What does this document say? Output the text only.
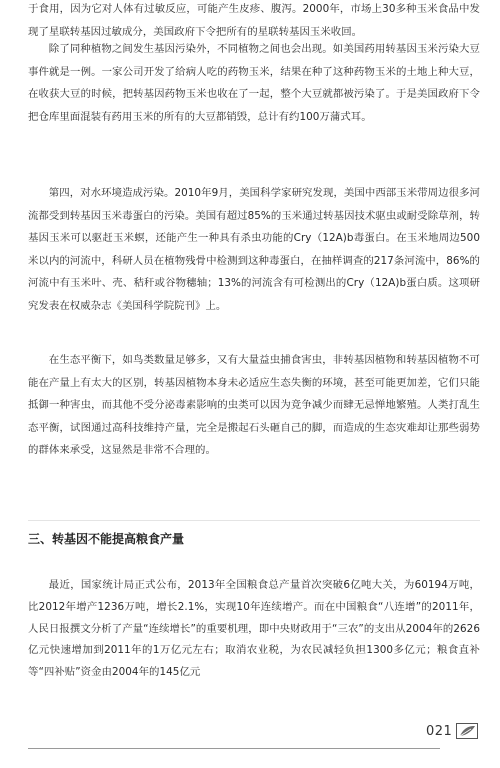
于食用，因为它对人体有过敏反应，可能产生皮疹、腹泻。2000年，市场上30多种玉米食品中发现了星联转基因过敏成分，美国政府下令把所有的星联转基因玉米收回。

除了同种植物之间发生基因污染外，不同植物之间也会出现。如美国药用转基因玉米污染大豆事件就是一例。一家公司开发了给病人吃的药物玉米，结果在种了这种药物玉米的土地上种大豆，在收获大豆的时候，把转基因药物玉米也收在了一起，整个大豆就都被污染了。于是美国政府下令把仓库里面混装有药用玉米的所有的大豆都销毁，总计有约100万蒲式耳。

第四，对水环境造成污染。2010年9月，美国科学家研究发现，美国中西部玉米带周边很多河流都受到转基因玉米毒蛋白的污染。美国有超过85%的玉米通过转基因技术驱虫或耐受除草剂，转基因玉米可以驱赶玉米螟，还能产生一种具有杀虫功能的Cry（12A)b毒蛋白。在玉米地周边500米以内的河流中，科研人员在植物残骨中检测到这种毒蛋白，在抽样调查的217条河流中，86%的河流中有玉米叶、壳、秸秆或谷物穗轴；13%的河流含有可检测出的Cry（12A)b蛋白质。这项研究发表在权威杂志《美国科学院院刊》上。

在生态平衡下，如鸟类数量足够多，又有大量益虫捕食害虫，非转基因植物和转基因植物不可能在产量上有太大的区别，转基因植物本身未必适应生态失衡的环境，甚至可能更加差，它们只能抵御一种害虫，而其他不受分泌毒素影响的虫类可以因为竞争减少而肆无忌惮地繁殖。人类打乱生态平衡，试图通过高科技维持产量，完全是搬起石头砸自己的脚，而造成的生态灾难却让那些弱势的群体来承受，这显然是非常不合理的。

三、转基因不能提高粮食产量

最近，国家统计局正式公布，2013年全国粮食总产量首次突破6亿吨大关，为60194万吨，比2012年增产1236万吨，增长2.1%，实现10年连续增产。而在中国粮食“八连增”的2011年，人民日报撰文分析了产量“连续增长”的重要机理，即中央财政用于“三农”的支出从2004年的2626亿元快速增加到2011年的1万亿元左右；取消农业税，为农民减轻负担1300多亿元；粮食直补等“四补贴”资金由2004年的145亿元

021
